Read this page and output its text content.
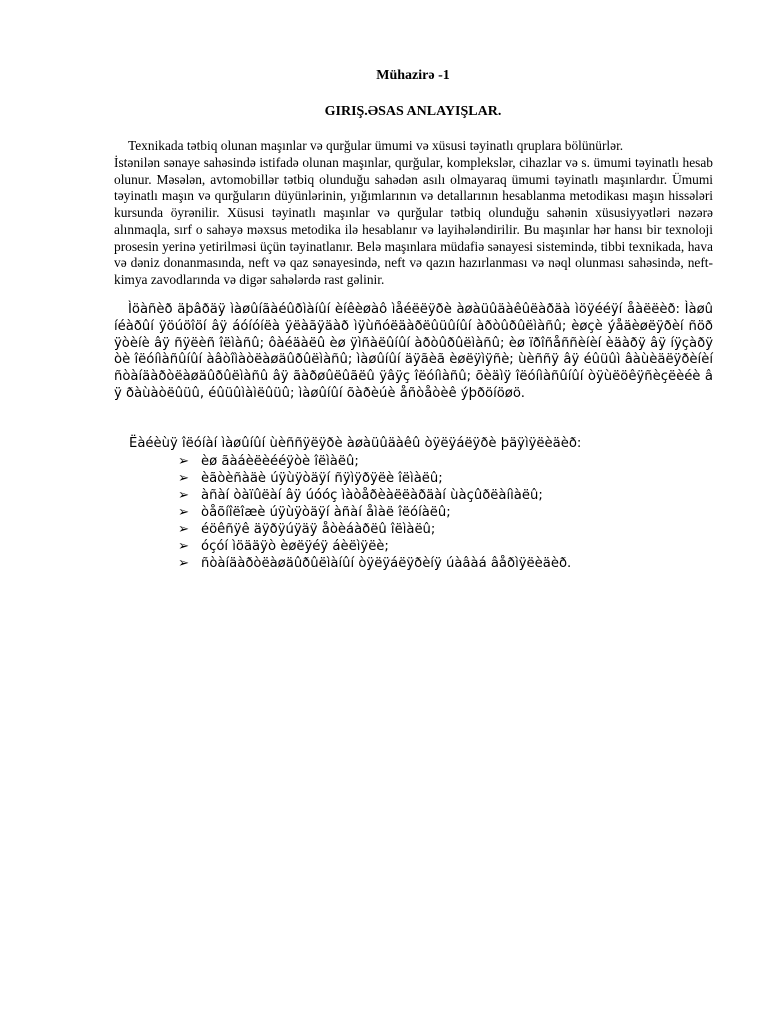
Mühazirə -1

GIRIŞ.ƏSAS ANLAYIŞLAR.

Texnikada tətbiq olunan maşınlar və qurğular ümumi və xüsusi təyinatlı qruplara bölünürlər.
İstənilən sənaye sahəsində istifadə olunan maşınlar, qurğular, komplekslər, cihazlar və s. ümumi təyinatlı hesab olunur. Məsələn, avtomobillər tətbiq olunduğu sahədən asılı olmayaraq ümumi təyinatlı maşınlardır. Ümumi təyinatlı maşın və qurğuların düyünlərinin, yığımlarının və detallarının hesablanma metodikası maşın hissələri kursunda öyrənilir. Xüsusi təyinatlı maşınlar və qurğular tətbiq olunduğu sahənin xüsusiyyətləri nəzərə alınmaqla, sırf o sahəyə məxsus metodika ilə hesablanır və layihələndirilir. Bu maşınlar hər hansı bir texnoloji prosesin yerinə yetirilməsi üçün təyinatlanır. Belə maşınlara müdafiə sənayesi sistemində, tibbi texnikada, hava və dəniz donanmasında, neft və qaz sənayesində, neft və qazın hazırlanması və nəql olunması sahəsində, neft-kimya zavodlarında və digər sahələrdə rast gəlinir.

Ìöàñèð äþâðäÿ ìàøûíãàéûðìàíûí èíêèøàô ìåéëëÿðè àøàüûäàêûëàðäà ìöÿééÿí åàëëèð: Ìàøûíéàðûí ÿöúöîöí âÿ áóíóíëà ÿëàãÿäàð ìÿùñóëäàðëûüûíûí àðòûðûëìàñû; èøçè ýåäèøëÿðèí ñöðÿòèíè âÿ ñÿëèñ îëìàñû; ôàéäàëû èø ÿìñàëûíûí àðòûðûëìàñû; èø ïðîñåññèíèí èäàðÿ âÿ íÿçàðÿòè îëóíìàñûíûí àâòîìàòëàøäûðûëìàñû; ìàøûíûí äÿãèã èøëÿìÿñè; ùèññÿ âÿ éûüûì âàùèäëÿðèíèí ñòàíäàðòëàøäûðûëìàñû âÿ ãàðøûëûãëû ÿâÿç îëóíìàñû; õèäìÿ îëóíìàñûíûí òÿùëöêÿñèçëèéè âÿ ðàùàòëûüû, éûüûìàìëûüû; ìàøûíûí õàðèúè åñòåòèê ýþðöíöøö.

Ëàéèùÿ îëóíàí ìàøûíûí ùèññÿëÿðè àøàüûäàêû òÿëÿáëÿðè þäÿìÿëèäèð:

➢ èø ãàáèëèééÿòè îëìàëû;
➢ èãòèñàäè úÿùÿòäÿí ñÿìÿðÿëè îëìàëû;
➢ àñàí òàïûëàí âÿ úóóç ìàòåðèàëëàðäàí ùàçûðëàíìàëû;
➢ òåõíîëîæè úÿùÿòäÿí àñàí åìàë îëóíàëû;
➢ éöêñÿê äÿðÿúÿäÿ åòèáàðëû îëìàëû;
➢ óçóí ìöääÿò èøëÿéÿ áèëìÿëè;
➢ ñòàíäàðòëàøäûðûëìàíûí òÿëÿáëÿðèíÿ úàâàá âåðìÿëèäèð.
